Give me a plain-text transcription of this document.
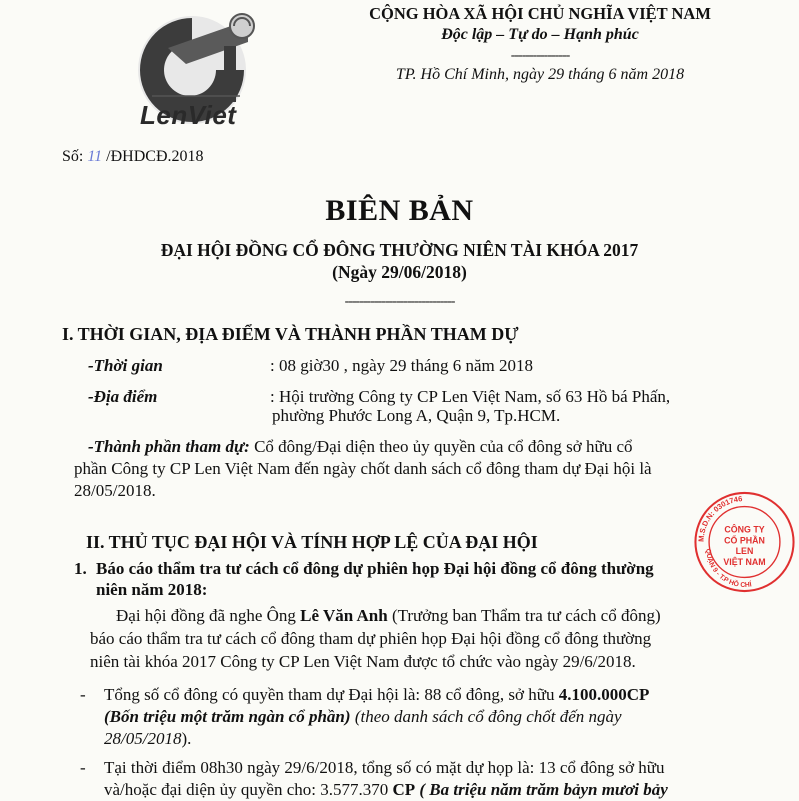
LenViet
CỘNG HÒA XÃ HỘI CHỦ NGHĨA VIỆT NAM
Độc lập – Tự do – Hạnh phúc
----------------
TP. Hồ Chí Minh, ngày 29 tháng 6 năm 2018
Số: 11 /ĐHDCĐ.2018
BIÊN BẢN
ĐẠI HỘI ĐỒNG CỔ ĐÔNG THƯỜNG NIÊN TÀI KHÓA 2017
(Ngày 29/06/2018)
------------------------------
I. THỜI GIAN, ĐỊA ĐIỂM VÀ THÀNH PHẦN THAM DỰ
-Thời gian	: 08 giờ30 , ngày 29 tháng 6 năm 2018
-Địa điểm	: Hội trường Công ty CP Len Việt Nam, số 63 Hồ bá Phấn,
phường Phước Long A, Quận 9, Tp.HCM.
-Thành phần tham dự: Cổ đông/Đại diện theo ủy quyền của cổ đông sở hữu cổ
phần Công ty CP Len Việt Nam đến ngày chốt danh sách cổ đông tham dự Đại hội là
28/05/2018.
II. THỦ TỤC ĐẠI HỘI VÀ TÍNH HỢP LỆ CỦA ĐẠI HỘI
1. Báo cáo thẩm tra tư cách cổ đông dự phiên họp Đại hội đồng cổ đông thường
niên năm 2018:
Đại hội đồng đã nghe Ông Lê Văn Anh (Trưởng ban Thẩm tra tư cách cổ đông)
báo cáo thẩm tra tư cách cổ đông tham dự phiên họp Đại hội đồng cổ đông thường
niên tài khóa 2017 Công ty CP Len Việt Nam được tổ chức vào ngày 29/6/2018.
- Tổng số cổ đông có quyền tham dự Đại hội là: 88 cổ đông, sở hữu 4.100.000CP
(Bốn triệu một trăm ngàn cổ phần) (theo danh sách cổ đông chốt đến ngày
28/05/2018).
- Tại thời điểm 08h30 ngày 29/6/2018, tổng số có mặt dự họp là: 13 cổ đông sở hữu
và/hoặc đại diện ủy quyền cho: 3.577.370 CP ( Ba triệu năm trăm bảyn mươi bảy
M.S.D.N: 0301746
QUẬN 9 - T.P HỒ CHÍ
CÔNG TY
CỔ PHẦN
LEN
VIỆT NAM
